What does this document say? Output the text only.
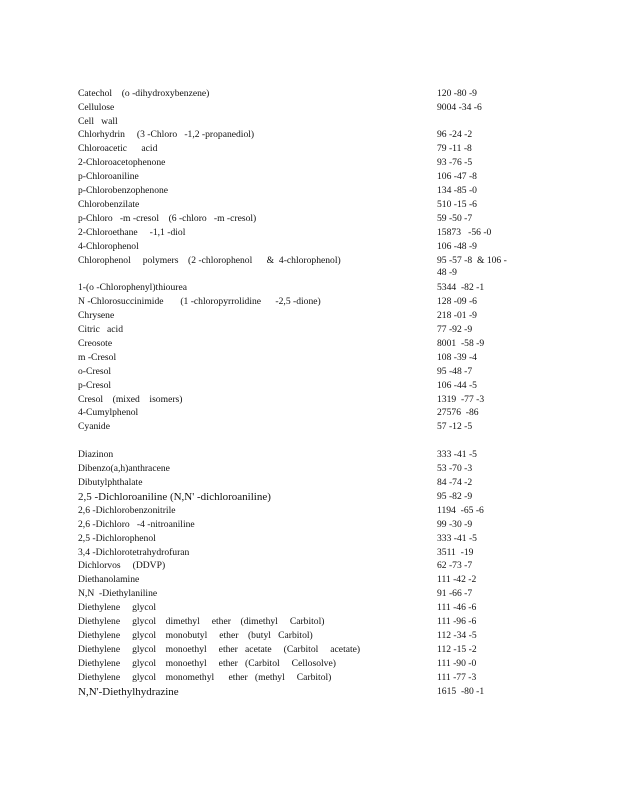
Catechol    (o -dihydroxybenzene)	120 -80 -9
Cellulose	9004 -34 -6
Cell   wall
Chlorhydrin     (3 -Chloro   -1,2 -propanediol)	96 -24 -2
Chloroacetic      acid	79 -11 -8
2-Chloroacetophenone	93 -76 -5
p-Chloroaniline	106 -47 -8
p-Chlorobenzophenone	134 -85 -0
Chlorobenzilate	510 -15 -6
p-Chloro   -m -cresol    (6 -chloro   -m -cresol)	59 -50 -7
2-Chloroethane     -1,1 -diol	15873   -56 -0
4-Chlorophenol	106 -48 -9
Chlorophenol     polymers    (2 -chlorophenol      &  4-chlorophenol)	95 -57 -8  & 106 -
48 -9
1-(o -Chlorophenyl)thiourea	5344  -82 -1
N -Chlorosuccinimide       (1 -chloropyrrolidine      -2,5 -dione)	128 -09 -6
Chrysene	218 -01 -9
Citric   acid	77 -92 -9
Creosote	8001  -58 -9
m -Cresol	108 -39 -4
o-Cresol	95 -48 -7
p-Cresol	106 -44 -5
Cresol    (mixed    isomers)	1319  -77 -3
4-Cumylphenol	27576  -86
Cyanide	57 -12 -5
Diazinon	333 -41 -5
Dibenzo(a,h)anthracene	53 -70 -3
Dibutylphthalate	84 -74 -2
2,5 -Dichloroaniline (N,N' -dichloroaniline)	95 -82 -9
2,6 -Dichlorobenzonitrile	1194  -65 -6
2,6 -Dichloro   -4 -nitroaniline	99 -30 -9
2,5 -Dichlorophenol	333 -41 -5
3,4 -Dichlorotetrahydrofuran	3511  -19
Dichlorvos     (DDVP)	62 -73 -7
Diethanolamine	111 -42 -2
N,N  -Diethylaniline	91 -66 -7
Diethylene     glycol	111 -46 -6
Diethylene     glycol    dimethyl     ether    (dimethyl     Carbitol)	111 -96 -6
Diethylene     glycol    monobutyl     ether    (butyl   Carbitol)	112 -34 -5
Diethylene     glycol    monoethyl     ether   acetate     (Carbitol     acetate)	112 -15 -2
Diethylene     glycol    monoethyl     ether   (Carbitol     Cellosolve)	111 -90 -0
Diethylene     glycol    monomethyl      ether   (methyl     Carbitol)	111 -77 -3
N,N'-Diethylhydrazine	1615  -80 -1
